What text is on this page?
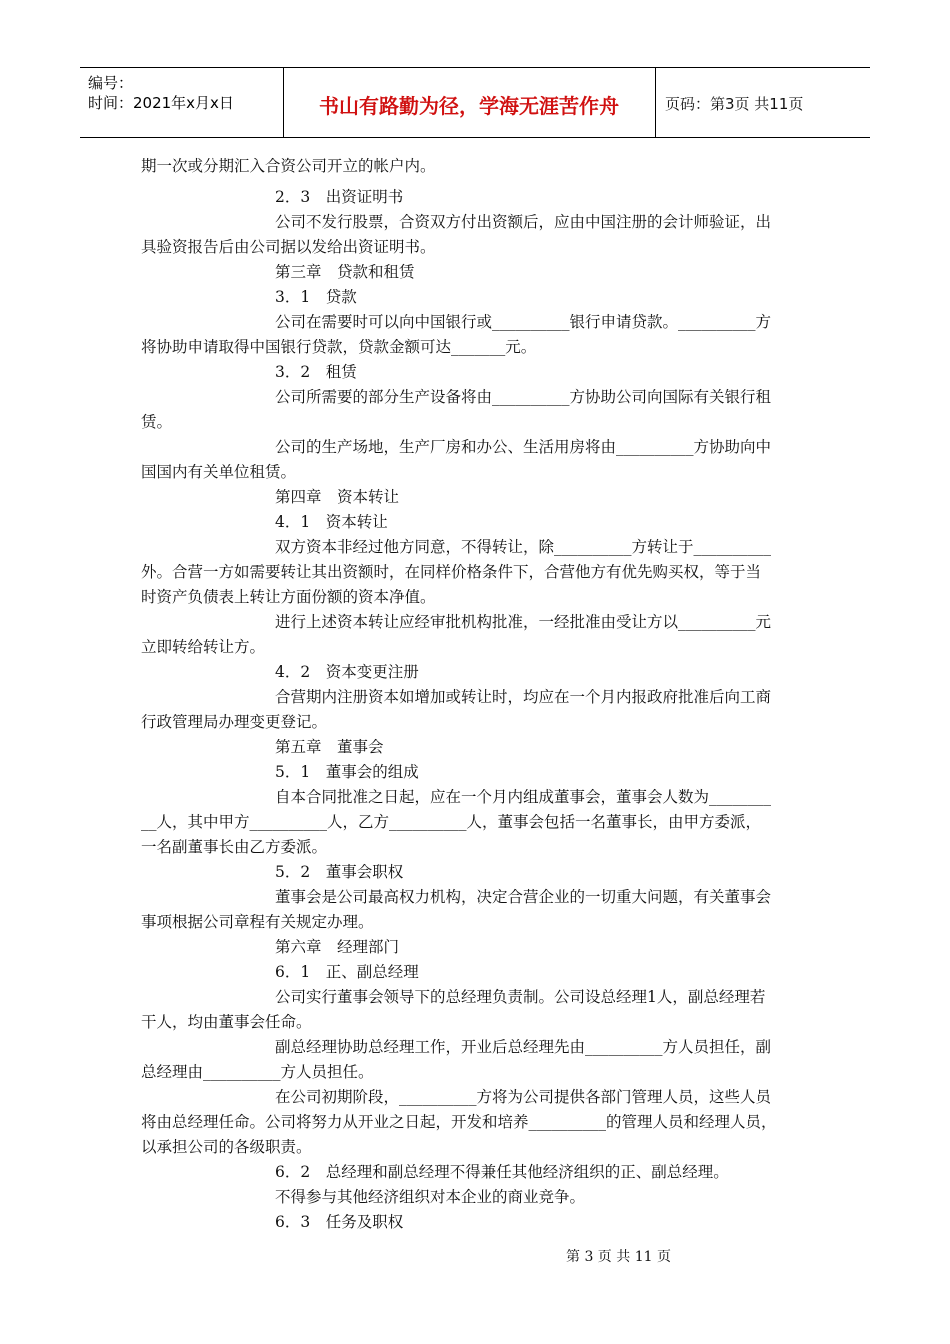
编号：
时间：2021年x月x日	书山有路勤为径，学海无涯苦作舟	页码：第3页 共11页
期一次或分期汇入合资公司开立的帐户内。
2．3　出资证明书
公司不发行股票，合资双方付出资额后，应由中国注册的会计师验证，出
具验资报告后由公司据以发给出资证明书。
第三章　贷款和租赁
3．1　贷款
公司在需要时可以向中国银行或__________银行申请贷款。__________方
将协助申请取得中国银行贷款，贷款金额可达_______元。
3．2　租赁
公司所需要的部分生产设备将由__________方协助公司向国际有关银行租
赁。
公司的生产场地，生产厂房和办公、生活用房将由__________方协助向中
国国内有关单位租赁。
第四章　资本转让
4．1　资本转让
双方资本非经过他方同意，不得转让，除__________方转让于__________
外。合营一方如需要转让其出资额时，在同样价格条件下，合营他方有优先购买权，等于当
时资产负债表上转让方面份额的资本净值。
进行上述资本转让应经审批机构批准，一经批准由受让方以__________元
立即转给转让方。
4．2　资本变更注册
合营期内注册资本如增加或转让时，均应在一个月内报政府批准后向工商
行政管理局办理变更登记。
第五章　董事会
5．1　董事会的组成
自本合同批准之日起，应在一个月内组成董事会，董事会人数为________
__人，其中甲方__________人，乙方__________人，董事会包括一名董事长，由甲方委派，
一名副董事长由乙方委派。
5．2　董事会职权
董事会是公司最高权力机构，决定合营企业的一切重大问题，有关董事会
事项根据公司章程有关规定办理。
第六章　经理部门
6．1　正、副总经理
公司实行董事会领导下的总经理负责制。公司设总经理1人，副总经理若
干人，均由董事会任命。
副总经理协助总经理工作，开业后总经理先由__________方人员担任，副
总经理由__________方人员担任。
在公司初期阶段，__________方将为公司提供各部门管理人员，这些人员
将由总经理任命。公司将努力从开业之日起，开发和培养__________的管理人员和经理人员，
以承担公司的各级职责。
6．2　总经理和副总经理不得兼任其他经济组织的正、副总经理。
不得参与其他经济组织对本企业的商业竞争。
6．3　任务及职权
第 3 页 共 11 页
